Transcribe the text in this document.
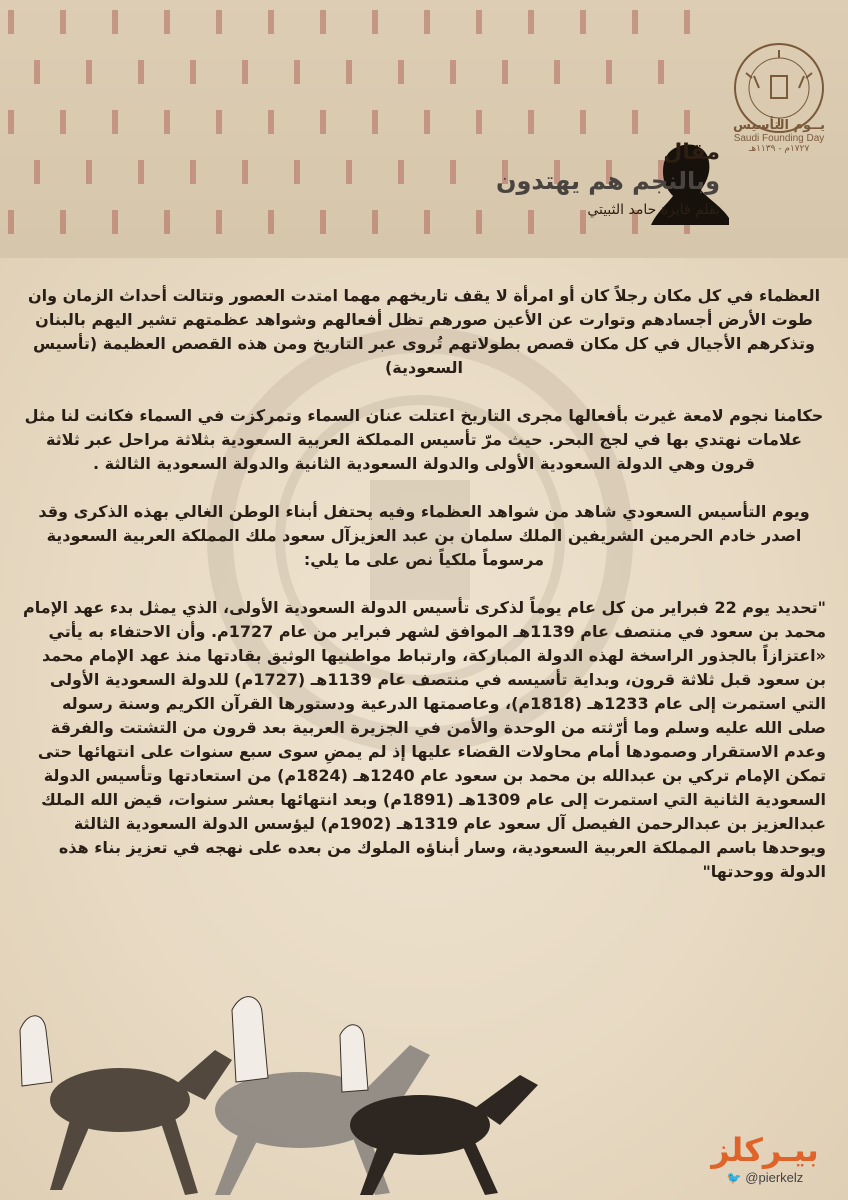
يــوم التأسيس
Saudi Founding Day
١٧٢٧م - ١١٣٩هـ
مقال
وبالنجم هم يهتدون
بقلم فايزة حامد الثبيتي

العظماء في كل مكان رجلاً كان أو امرأة لا يقف تاريخهم مهما امتدت العصور وتتالت أحداث الزمان وان طوت الأرض أجسادهم وتوارت عن الأعين صورهم تظل أفعالهم وشواهد عظمتهم تشير اليهم بالبنان وتذكرهم الأجيال في كل مكان قصص بطولاتهم تُروى عبر التاريخ ومن هذه القصص العظيمة (تأسيس السعودية)

حكامنا نجوم لامعة غيرت بأفعالها مجرى التاريخ اعتلت عنان السماء وتمركزت في السماء فكانت لنا مثل علامات نهتدي بها في لجج البحر. حيث مرّ تأسيس المملكة العربية السعودية بثلاثة مراحل عبر ثلاثة قرون وهي الدولة السعودية الأولى والدولة السعودية الثانية والدولة السعودية الثالثة .

ويوم التأسيس السعودي شاهد من شواهد العظماء وفيه يحتفل أبناء الوطن الغالي بهذه الذكرى وقد اصدر خادم الحرمين الشريفين الملك سلمان بن عبد العزيزآل سعود ملك المملكة العربية السعودية مرسوماً ملكياً نص على ما يلي:

"تحديد يوم 22 فبراير من كل عام يوماً لذكرى تأسيس الدولة السعودية الأولى، الذي يمثل بدء عهد الإمام محمد بن سعود في منتصف عام 1139هـ الموافق لشهر فبراير من عام 1727م. وأن الاحتفاء به يأتي «اعتزازاً بالجذور الراسخة لهذه الدولة المباركة، وارتباط مواطنيها الوثيق بقادتها منذ عهد الإمام محمد بن سعود قبل ثلاثة قرون، وبداية تأسيسه في منتصف عام 1139هـ (1727م) للدولة السعودية الأولى التي استمرت إلى عام 1233هـ (1818م)، وعاصمتها الدرعية ودستورها القرآن الكريم وسنة رسوله صلى الله عليه وسلم وما أرّثته من الوحدة والأمن في الجزيرة العربية بعد قرون من التشتت والفرقة وعدم الاستقرار وصمودها أمام محاولات القضاء عليها إذ لم يمضِ سوى سبع سنوات على انتهائها حتى تمكن الإمام تركي بن عبدالله بن محمد بن سعود عام 1240هـ (1824م) من استعادتها وتأسيس الدولة السعودية الثانية التي استمرت إلى عام 1309هـ (1891م) وبعد انتهائها بعشر سنوات، قيض الله الملك عبدالعزيز بن عبدالرحمن الفيصل آل سعود عام 1319هـ (1902م) ليؤسس الدولة السعودية الثالثة ويوحدها باسم المملكة العربية السعودية، وسار أبناؤه الملوك من بعده على نهجه في تعزيز بناء هذه الدولة ووحدتها"

بيـركلز
🐦 @pierkelz
